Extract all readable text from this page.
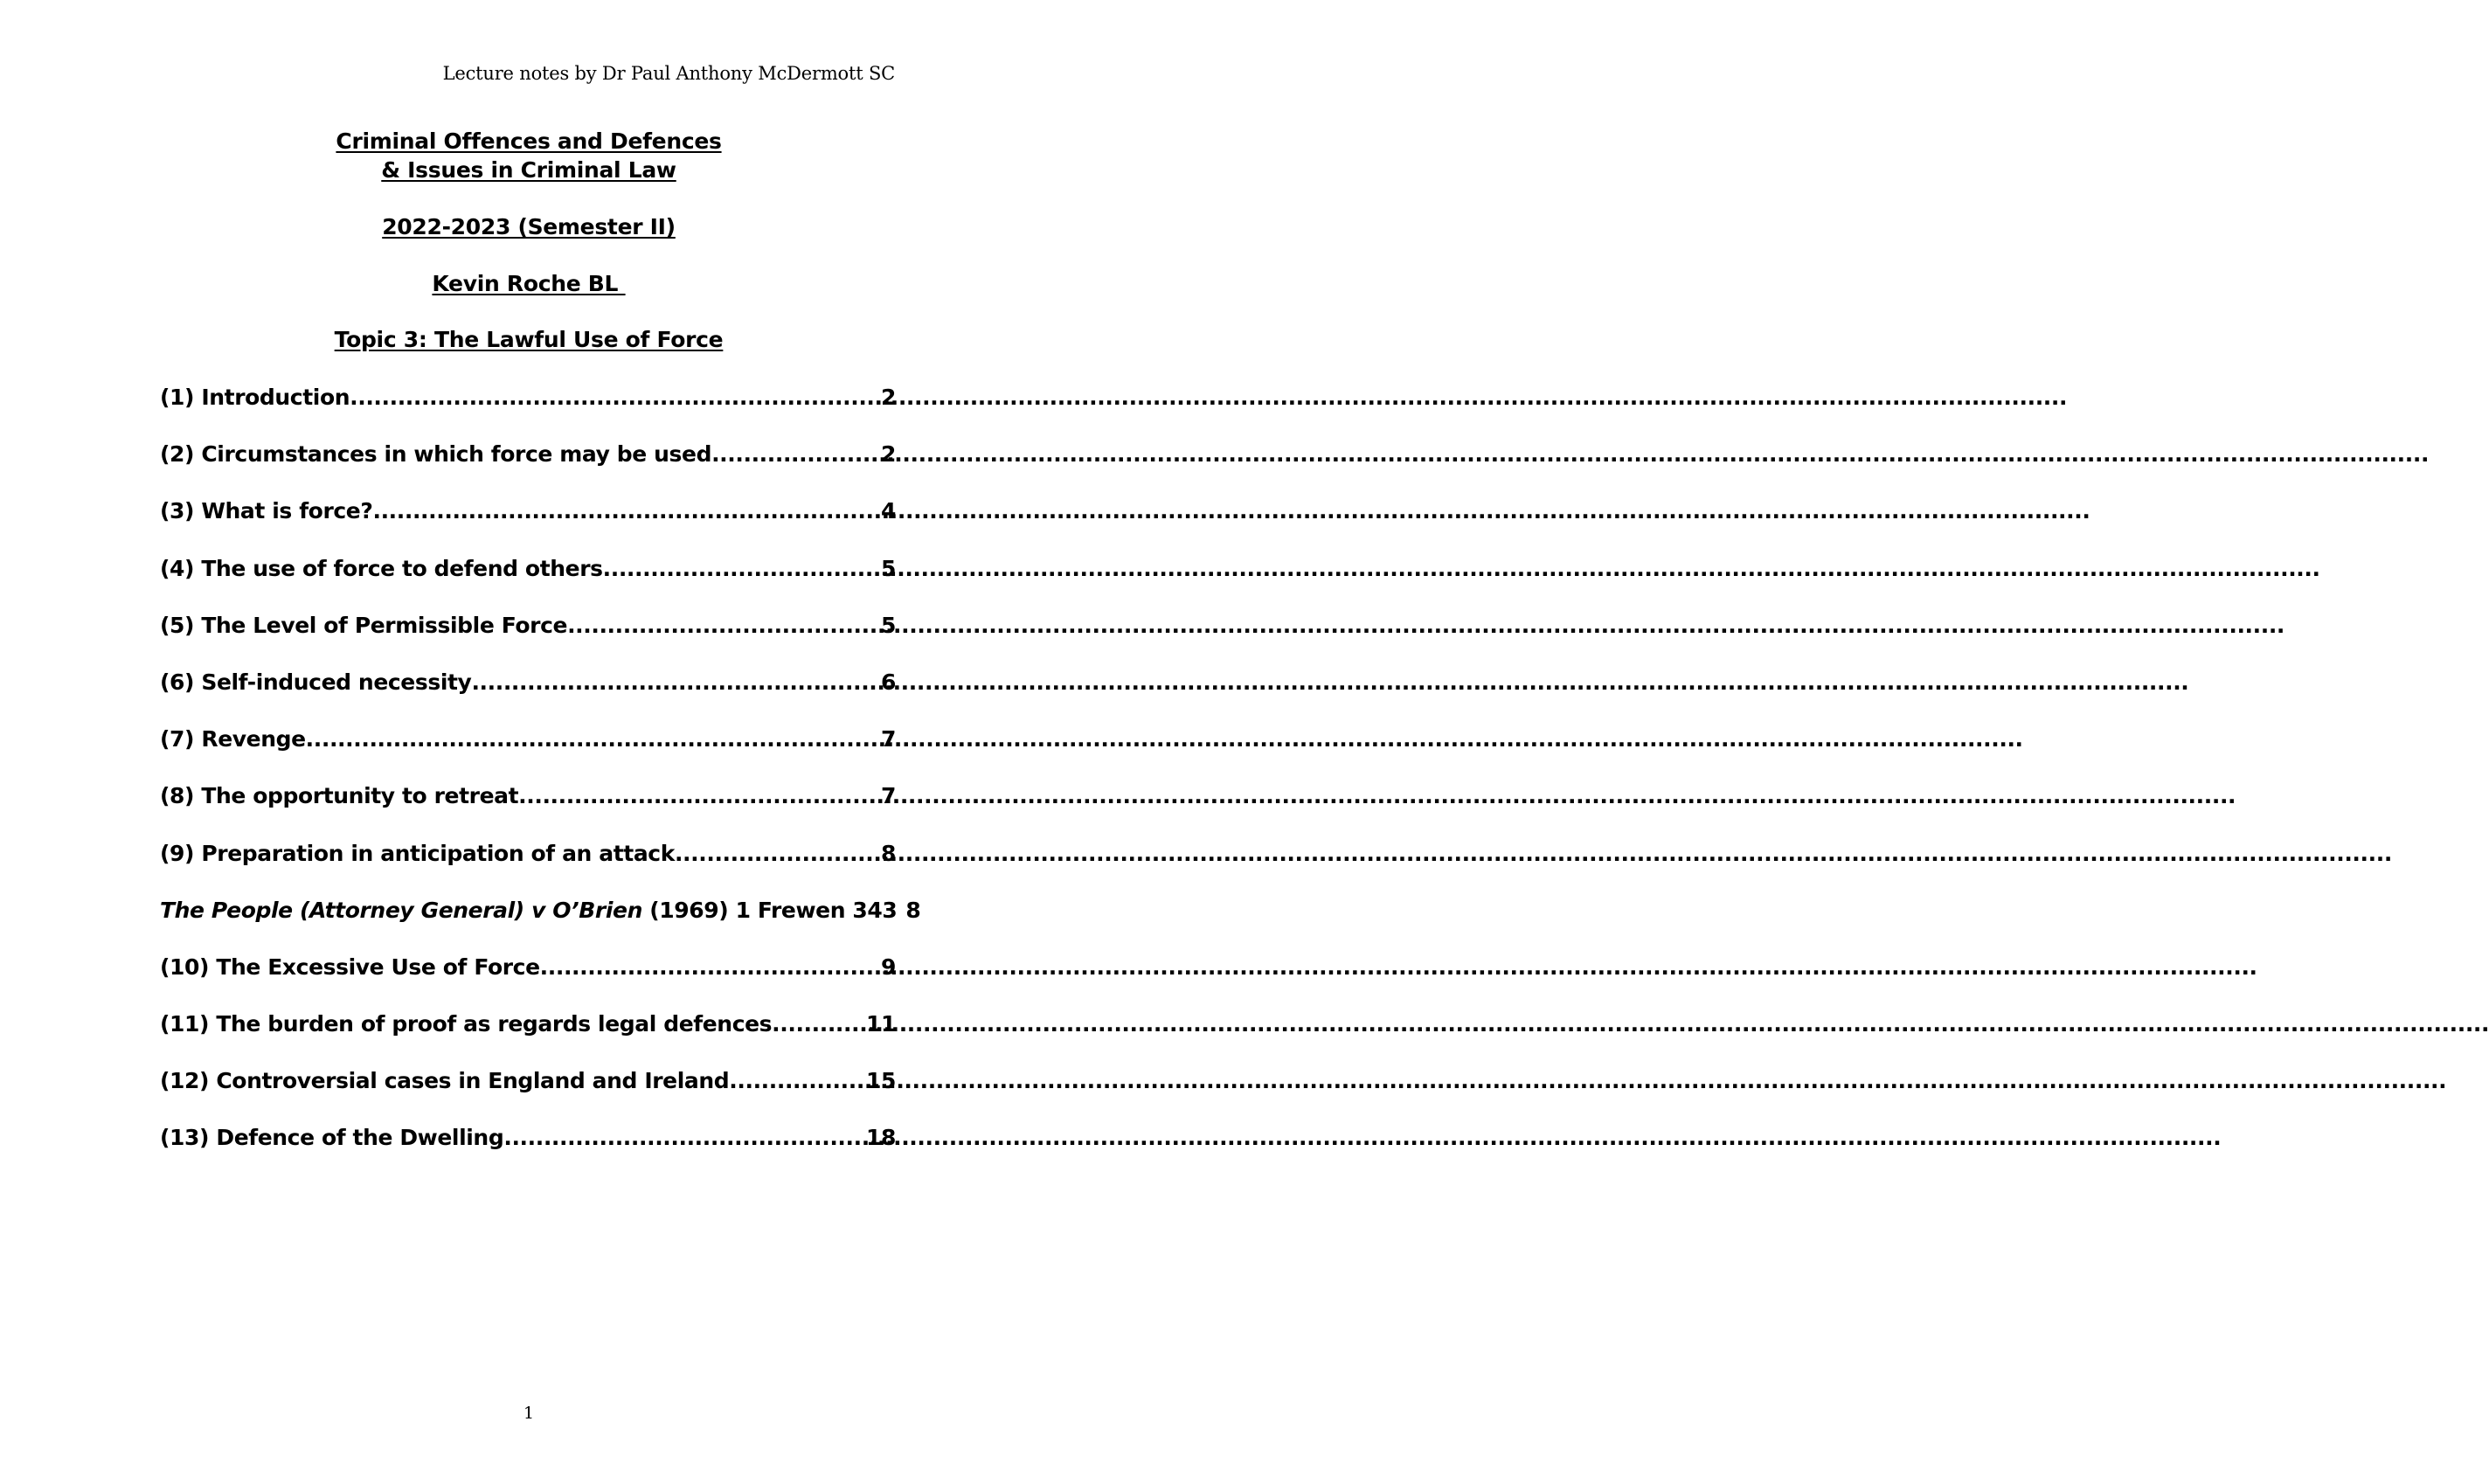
Lecture notes by Dr Paul Anthony McDermott SC
Criminal Offences and Defences
& Issues in Criminal Law
2022-2023 (Semester II)
Kevin Roche BL
Topic 3: The Lawful Use of Force
(1) Introduction .....	2
(2) Circumstances in which force may be used .....	2
(3) What is force? .....	4
(4) The use of force to defend others .....	5
(5) The Level of Permissible Force .....	5
(6) Self-induced necessity .....	6
(7) Revenge .....	7
(8) The opportunity to retreat .....	7
(9) Preparation in anticipation of an attack .....	8
The People (Attorney General) v O’Brien (1969) 1 Frewen 343 8
(10) The Excessive Use of Force .....	9
(11) The burden of proof as regards legal defences .....	11
(12) Controversial cases in England and Ireland .....	15
(13) Defence of the Dwelling .....	18
1
